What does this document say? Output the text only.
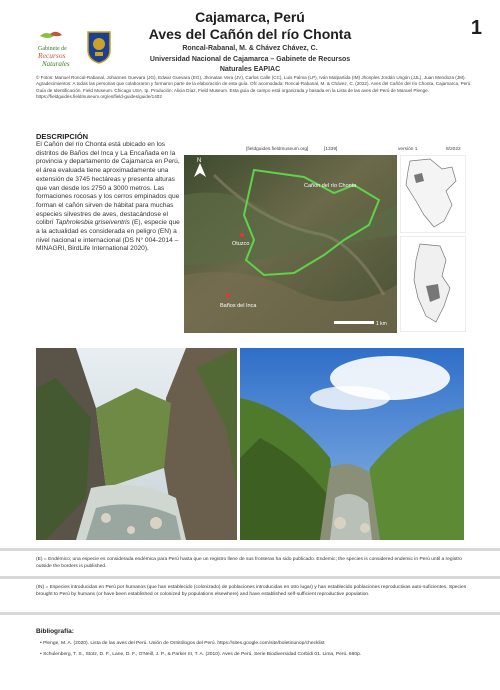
Cajamarca, Perú
Aves del Cañón del río Chonta	1
Roncal-Rabanal, M. & Chávez Chávez, C.
Universidad Nacional de Cajamarca – Gabinete de Recursos
Naturales EAPIAC
Gabinete de
Recursos
Naturales
© Fotos: Manuel Roncal-Rabanal, Johannes Guevara (JG), Edwar Guevara (EG), Jhonatan Vera (JV), Carlos Calle (CC), Luis Palma (LP), Iván Malpartida (IM) Jhonples Jordán Ungón (JJL), Juan Mendoza (JM). Agradecimientos: A todas las personas que colaboraron y formaron parte de la elaboración de esta guía. Ofc acomodada: Roncal-Rabanal, M. & Chávez, C. (2022). Aves del Cañón del río Chonta, Cajamarca, Perú. Guía de Identificación. Field Museum. Chicago USA. tp. Produción: Alicia Díaz, Field Museum. Esta guía de campo está organizada y basada en la Lista de las aves del Perú de Manuel Plenge. https://fieldguides.fieldmuseum.org/es/field-guides/guide/1402
DESCRIPCIÓN
El Cañón del río Chonta está ubicado en los distritos de Baños del Inca y La Encañada en la provincia y departamento de Cajamarca en Perú, el área evaluada tiene aproximadamente una extensión de 3745 hectáreas y presenta alturas que van desde los 2750 a 3000 metros. Las formaciones rocosas y los cerros empinados que forman el cañón sirven de hábitat para muchas especies silvestres de aves, destacándose el colibrí Taphrolesbia griseiventris (E), especie que a la actualidad es considerada en peligro (EN) a nivel nacional e internacional (DS N° 004-2014 – MINAGRI, BirdLife International 2020).
[fieldguides.fieldmuseum.org]	[1339]	versión 1	8/2022
N
Cañón del río Chonta
Otuzco
Baños del Inca
1 km
(E) = Endémico; una especie es considerada endémica para Perú hasta que un registro llene de sus fronteras ha sido publicado. Endemic; the species is considered endemic in Perú until a registro outside the borders is published.
(IN) = Especies introducidas en Perú por humanos (que han establecido (colonizado) de poblaciones introducidas en otro lugar) y han establecido poblaciones reproductivas auto-suficientes. Species brought to Perú by humans (or have been established or colonized by populations elsewhere) and have established self-sufficient reproductive population.
Bibliografía:
• Plenge, M. A. (2020). Lista de las aves del Perú. Unión de Ornitólogos del Perú. https://sites.google.com/site/boletinunop/checklist
• Schulenberg, T. S., Stotz, D. F., Lane, D. F., O'Neill, J. P., & Parker III, T. A. (2010). Aves de Perú. Serie Biodiversidad Corbidi 01. Lima, Perú. 660p.
